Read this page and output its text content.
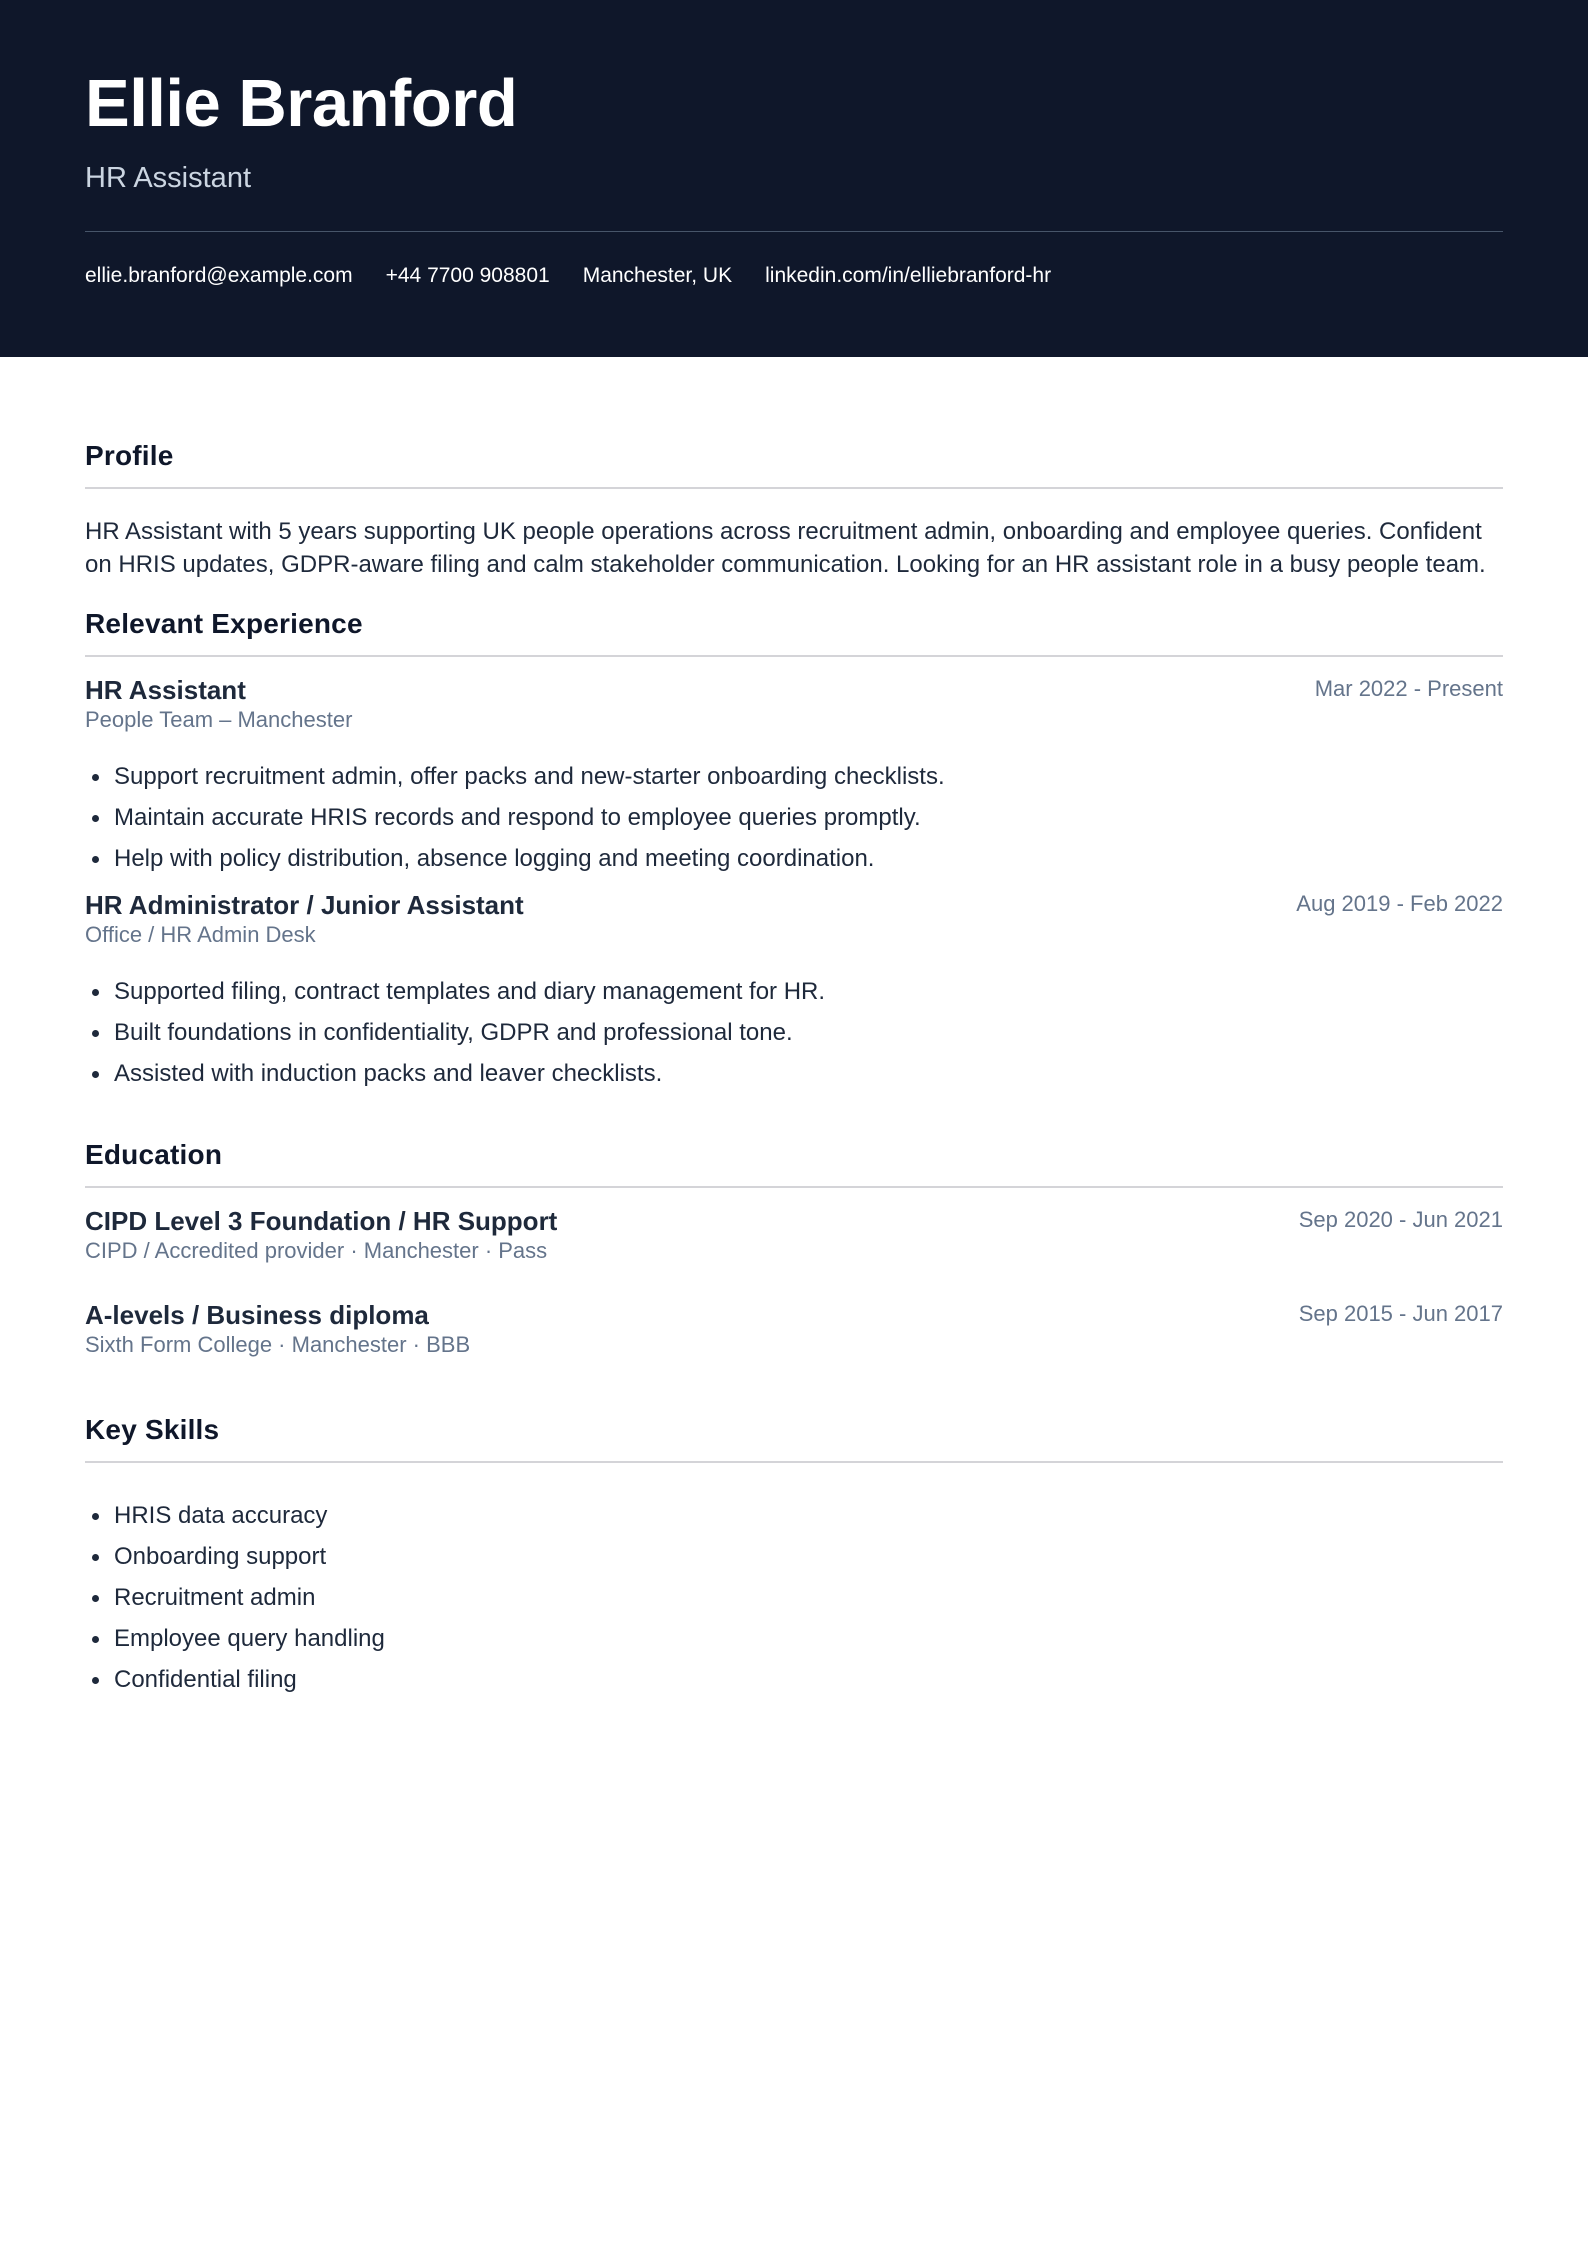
Ellie Branford
HR Assistant
ellie.branford@example.com +44 7700 908801 Manchester, UK linkedin.com/in/elliebranford-hr
Profile

HR Assistant with 5 years supporting UK people operations across recruitment admin, onboarding and employee queries. Confident on HRIS updates, GDPR-aware filing and calm stakeholder communication. Looking for an HR assistant role in a busy people team.

Relevant Experience
HR Assistant	Mar 2022 - Present
People Team – Manchester
Support recruitment admin, offer packs and new-starter onboarding checklists.
Maintain accurate HRIS records and respond to employee queries promptly.
Help with policy distribution, absence logging and meeting coordination.
HR Administrator / Junior Assistant	Aug 2019 - Feb 2022
Office / HR Admin Desk
Supported filing, contract templates and diary management for HR.
Built foundations in confidentiality, GDPR and professional tone.
Assisted with induction packs and leaver checklists.
Education
CIPD Level 3 Foundation / HR Support	Sep 2020 - Jun 2021
CIPD / Accredited provider · Manchester · Pass
A-levels / Business diploma	Sep 2015 - Jun 2017
Sixth Form College · Manchester · BBB
Key Skills
HRIS data accuracy
Onboarding support
Recruitment admin
Employee query handling
Confidential filing
